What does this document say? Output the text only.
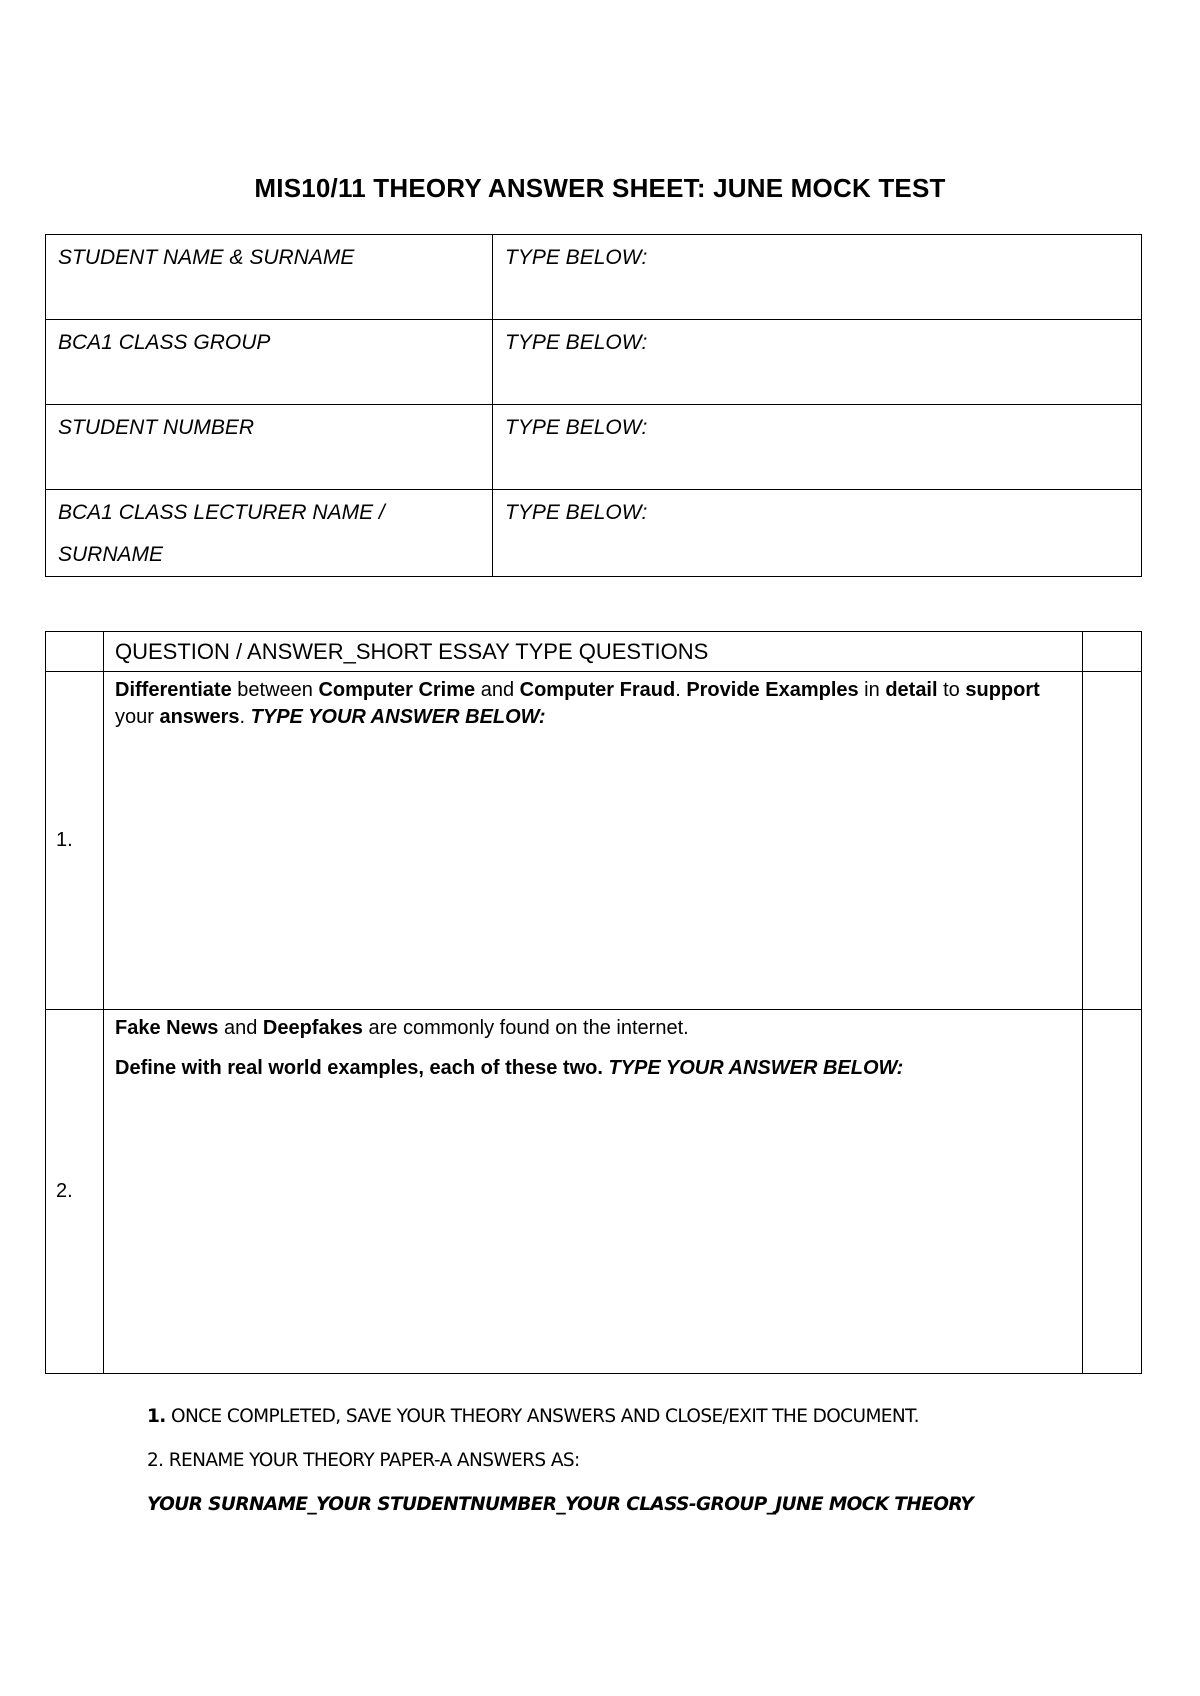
MIS10/11 THEORY ANSWER SHEET: JUNE MOCK TEST
STUDENT NAME & SURNAME	TYPE BELOW:
BCA1 CLASS GROUP	TYPE BELOW:
STUDENT NUMBER	TYPE BELOW:
BCA1 CLASS LECTURER NAME / SURNAME	TYPE BELOW:
	QUESTION / ANSWER_SHORT ESSAY TYPE QUESTIONS	
1.	Differentiate between Computer Crime and Computer Fraud. Provide Examples in detail to support your answers. TYPE YOUR ANSWER BELOW:	

2.	Fake News and Deepfakes are commonly found on the internet.

Define with real world examples, each of these two. TYPE YOUR ANSWER BELOW:	

1. ONCE COMPLETED, SAVE YOUR THEORY ANSWERS AND CLOSE/EXIT THE DOCUMENT.
2. RENAME YOUR THEORY PAPER-A ANSWERS AS:
YOUR SURNAME_YOUR STUDENTNUMBER_YOUR CLASS-GROUP_JUNE MOCK THEORY
